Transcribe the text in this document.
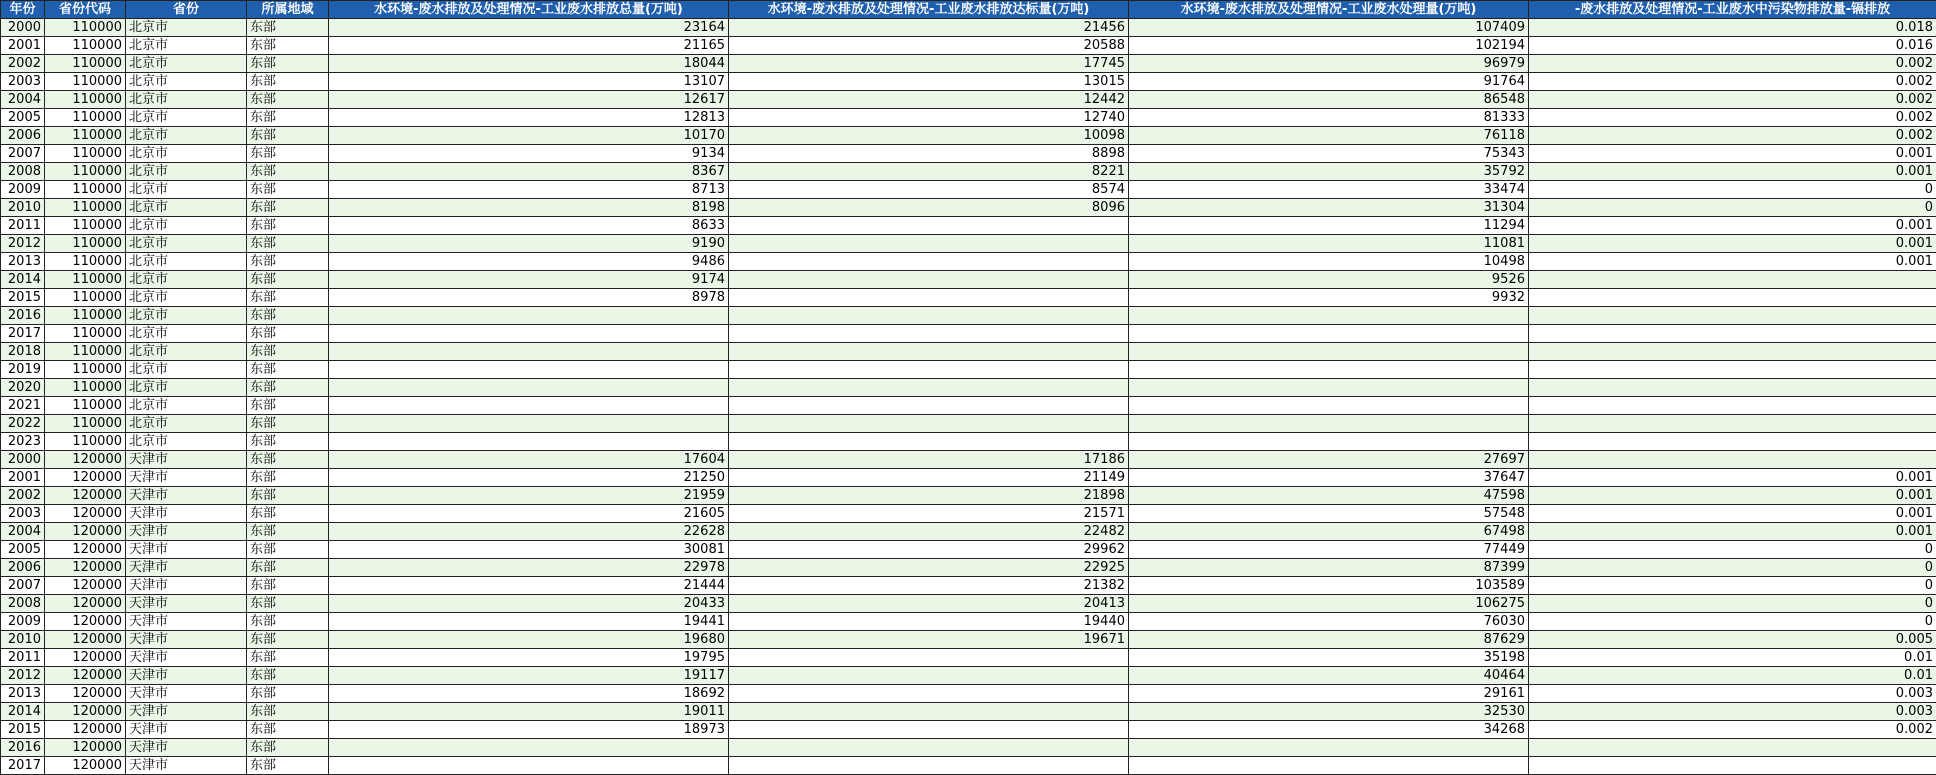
年份	省份代码	省份	所属地域	水环境-废水排放及处理情况-工业废水排放总量(万吨)	水环境-废水排放及处理情况-工业废水排放达标量(万吨)	水环境-废水排放及处理情况-工业废水处理量(万吨)	-废水排放及处理情况-工业废水中污染物排放量-镉排放
2000	110000	北京市	东部	23164	21456	107409	0.018
2001	110000	北京市	东部	21165	20588	102194	0.016
2002	110000	北京市	东部	18044	17745	96979	0.002
2003	110000	北京市	东部	13107	13015	91764	0.002
2004	110000	北京市	东部	12617	12442	86548	0.002
2005	110000	北京市	东部	12813	12740	81333	0.002
2006	110000	北京市	东部	10170	10098	76118	0.002
2007	110000	北京市	东部	9134	8898	75343	0.001
2008	110000	北京市	东部	8367	8221	35792	0.001
2009	110000	北京市	东部	8713	8574	33474	0
2010	110000	北京市	东部	8198	8096	31304	0
2011	110000	北京市	东部	8633		11294	0.001
2012	110000	北京市	东部	9190		11081	0.001
2013	110000	北京市	东部	9486		10498	0.001
2014	110000	北京市	东部	9174		9526	
2015	110000	北京市	东部	8978		9932	
2016	110000	北京市	东部				
2017	110000	北京市	东部				
2018	110000	北京市	东部				
2019	110000	北京市	东部				
2020	110000	北京市	东部				
2021	110000	北京市	东部				
2022	110000	北京市	东部				
2023	110000	北京市	东部				
2000	120000	天津市	东部	17604	17186	27697	
2001	120000	天津市	东部	21250	21149	37647	0.001
2002	120000	天津市	东部	21959	21898	47598	0.001
2003	120000	天津市	东部	21605	21571	57548	0.001
2004	120000	天津市	东部	22628	22482	67498	0.001
2005	120000	天津市	东部	30081	29962	77449	0
2006	120000	天津市	东部	22978	22925	87399	0
2007	120000	天津市	东部	21444	21382	103589	0
2008	120000	天津市	东部	20433	20413	106275	0
2009	120000	天津市	东部	19441	19440	76030	0
2010	120000	天津市	东部	19680	19671	87629	0.005
2011	120000	天津市	东部	19795		35198	0.01
2012	120000	天津市	东部	19117		40464	0.01
2013	120000	天津市	东部	18692		29161	0.003
2014	120000	天津市	东部	19011		32530	0.003
2015	120000	天津市	东部	18973		34268	0.002
2016	120000	天津市	东部				
2017	120000	天津市	东部				
